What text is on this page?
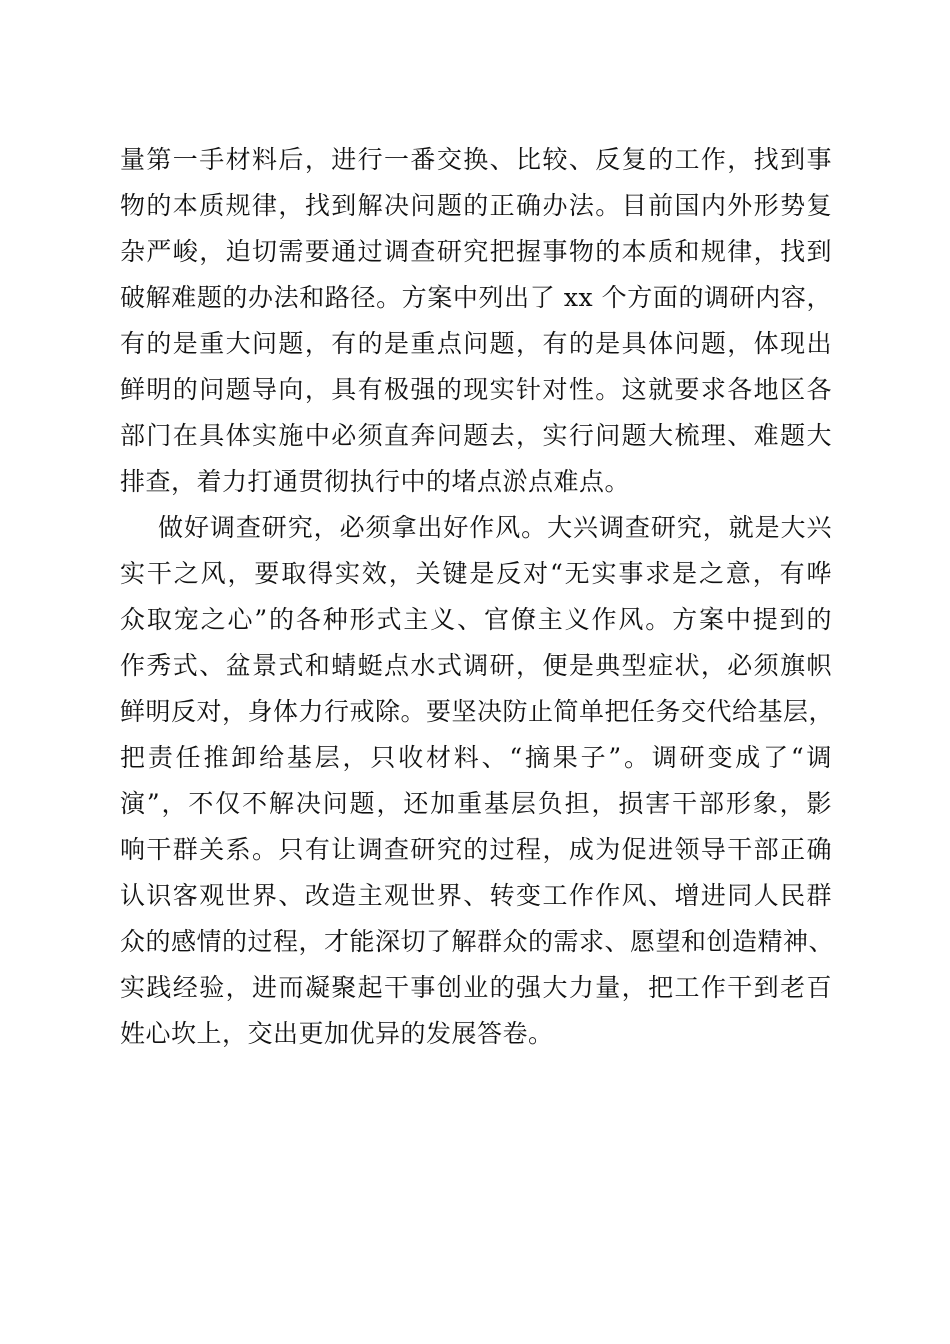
量第一手材料后，进行一番交换、比较、反复的工作，找到事
物的本质规律，找到解决问题的正确办法。目前国内外形势复
杂严峻，迫切需要通过调查研究把握事物的本质和规律，找到
破解难题的办法和路径。方案中列出了 xx 个方面的调研内容，
有的是重大问题，有的是重点问题，有的是具体问题，体现出
鲜明的问题导向，具有极强的现实针对性。这就要求各地区各
部门在具体实施中必须直奔问题去，实行问题大梳理、难题大
排查，着力打通贯彻执行中的堵点淤点难点。
做好调查研究，必须拿出好作风。大兴调查研究，就是大兴
实干之风，要取得实效，关键是反对“无实事求是之意，有哗
众取宠之心”的各种形式主义、官僚主义作风。方案中提到的
作秀式、盆景式和蜻蜓点水式调研，便是典型症状，必须旗帜
鲜明反对，身体力行戒除。要坚决防止简单把任务交代给基层，
把责任推卸给基层，只收材料、“摘果子”。调研变成了“调
演”，不仅不解决问题，还加重基层负担，损害干部形象，影
响干群关系。只有让调查研究的过程，成为促进领导干部正确
认识客观世界、改造主观世界、转变工作作风、增进同人民群
众的感情的过程，才能深切了解群众的需求、愿望和创造精神、
实践经验，进而凝聚起干事创业的强大力量，把工作干到老百
姓心坎上，交出更加优异的发展答卷。
